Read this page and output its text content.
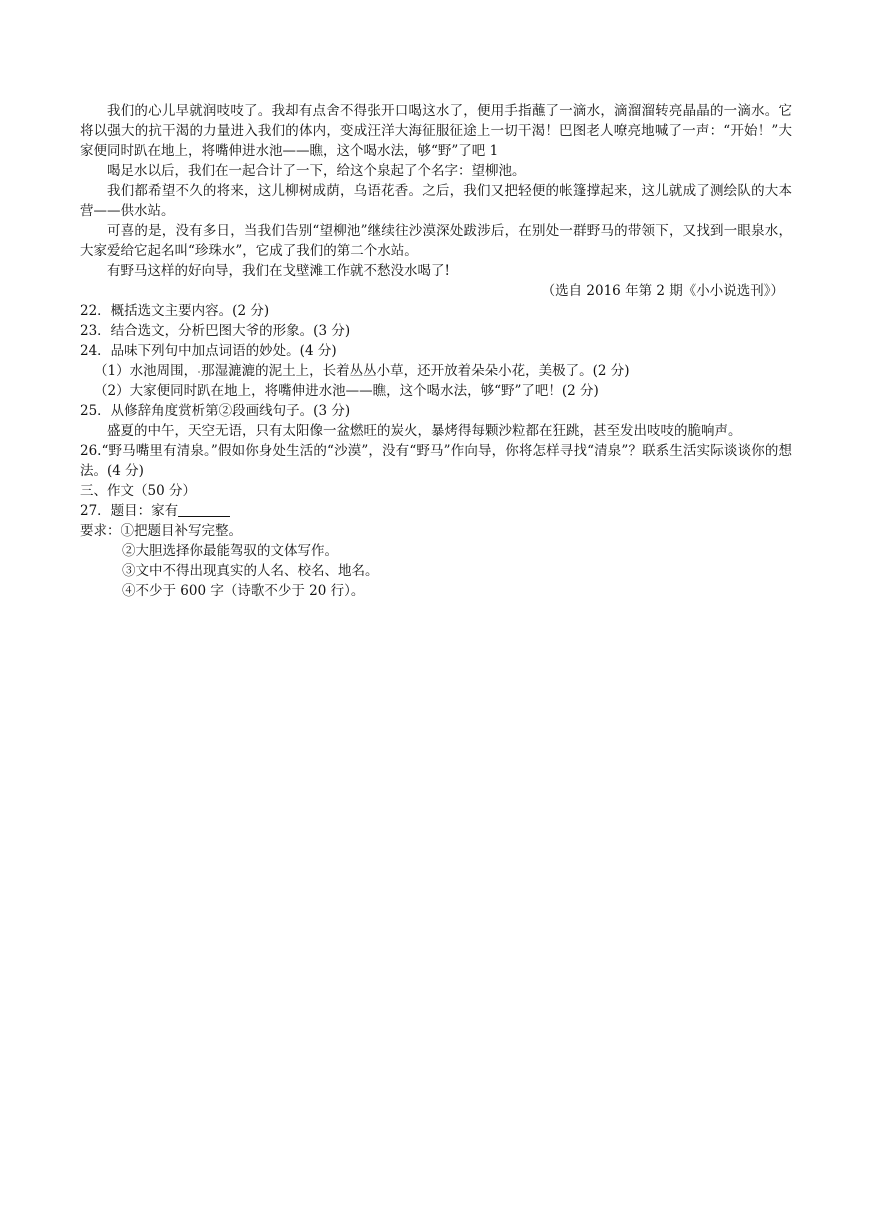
我们的心儿早就润吱吱了。我却有点舍不得张开口喝这水了，便用手指蘸了一滴水，滴溜溜转亮晶晶的一滴水。它将以强大的抗干渴的力量进入我们的体内，变成汪洋大海征服征途上一切干渴！巴图老人嘹亮地喊了一声：“开始！”大家便同时趴在地上，将嘴伸进水池——瞧，这个喝水法，够“野”了吧 1

喝足水以后，我们在一起合计了一下，给这个泉起了个名字：望柳池。

我们都希望不久的将来，这儿柳树成荫，乌语花香。之后，我们又把轻便的帐篷撑起来，这儿就成了测绘队的大本营——供水站。

可喜的是，没有多日，当我们告别“望柳池”继续往沙漠深处跋涉后，在别处一群野马的带领下，又找到一眼泉水，大家爱给它起名叫“珍珠水”，它成了我们的第二个水站。

有野马这样的好向导，我们在戈壁滩工作就不愁没水喝了!

（选自 2016 年第 2 期《小小说选刊》）
22．概括选文主要内容。(2 分)
23．结合选文，分析巴图大爷的形象。(3 分)
24．品味下列句中加点词语的妙处。(4 分)
（1）水池周围， 那湿漉漉的泥土上，长着丛丛小草，还开放着朵朵小花，美极了。(2 分)
（2）大家便同时趴在地上，将嘴伸进水池——瞧，这个喝水法，够“野”了吧！(2 分)
25．从修辞角度赏析第②段画线句子。(3 分)

盛夏的中午，天空无语，只有太阳像一盆燃旺的炭火，暴烤得每颗沙粒都在狂跳，甚至发出吱吱的脆响声。

26.“野马嘴里有清泉。”假如你身处生活的“沙漠”，没有“野马”作向导，你将怎样寻找“清泉”？联系生活实际谈谈你的想法。(4 分)

三、作文（50 分）
27．题目：家有
要求：①把题目补写完整。
②大胆选择你最能驾驭的文体写作。
③文中不得出现真实的人名、校名、地名。
④不少于 600 字（诗歌不少于 20 行）。
